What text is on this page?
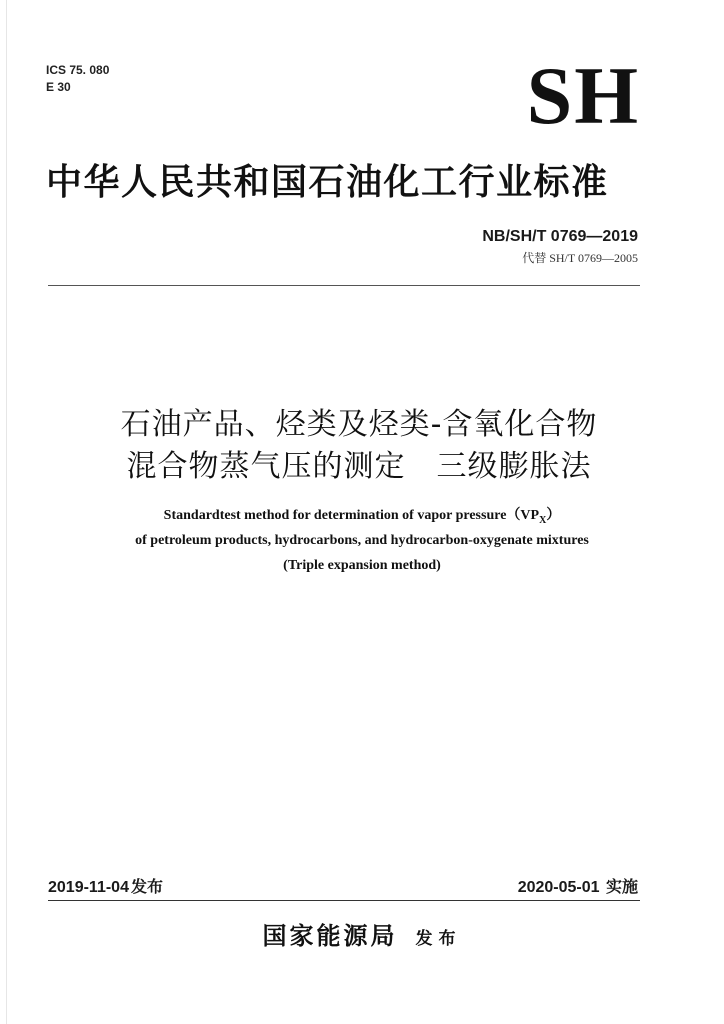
ICS 75. 080
E 30	SH
中华人民共和国石油化工行业标准
NB/SH/T 0769—2019
代替 SH/T 0769—2005
石油产品、烃类及烃类-含氧化合物
混合物蒸气压的测定　三级膨胀法
Standardtest method for determination of vapor $pressure(VP_X)$
of petroleum products, hydrocarbons, and hydrocarbon-oxygenate mixtures
(Triple expansion method)
2019-11-04 发布	2020-05-01 实施
国家能源局 发布
